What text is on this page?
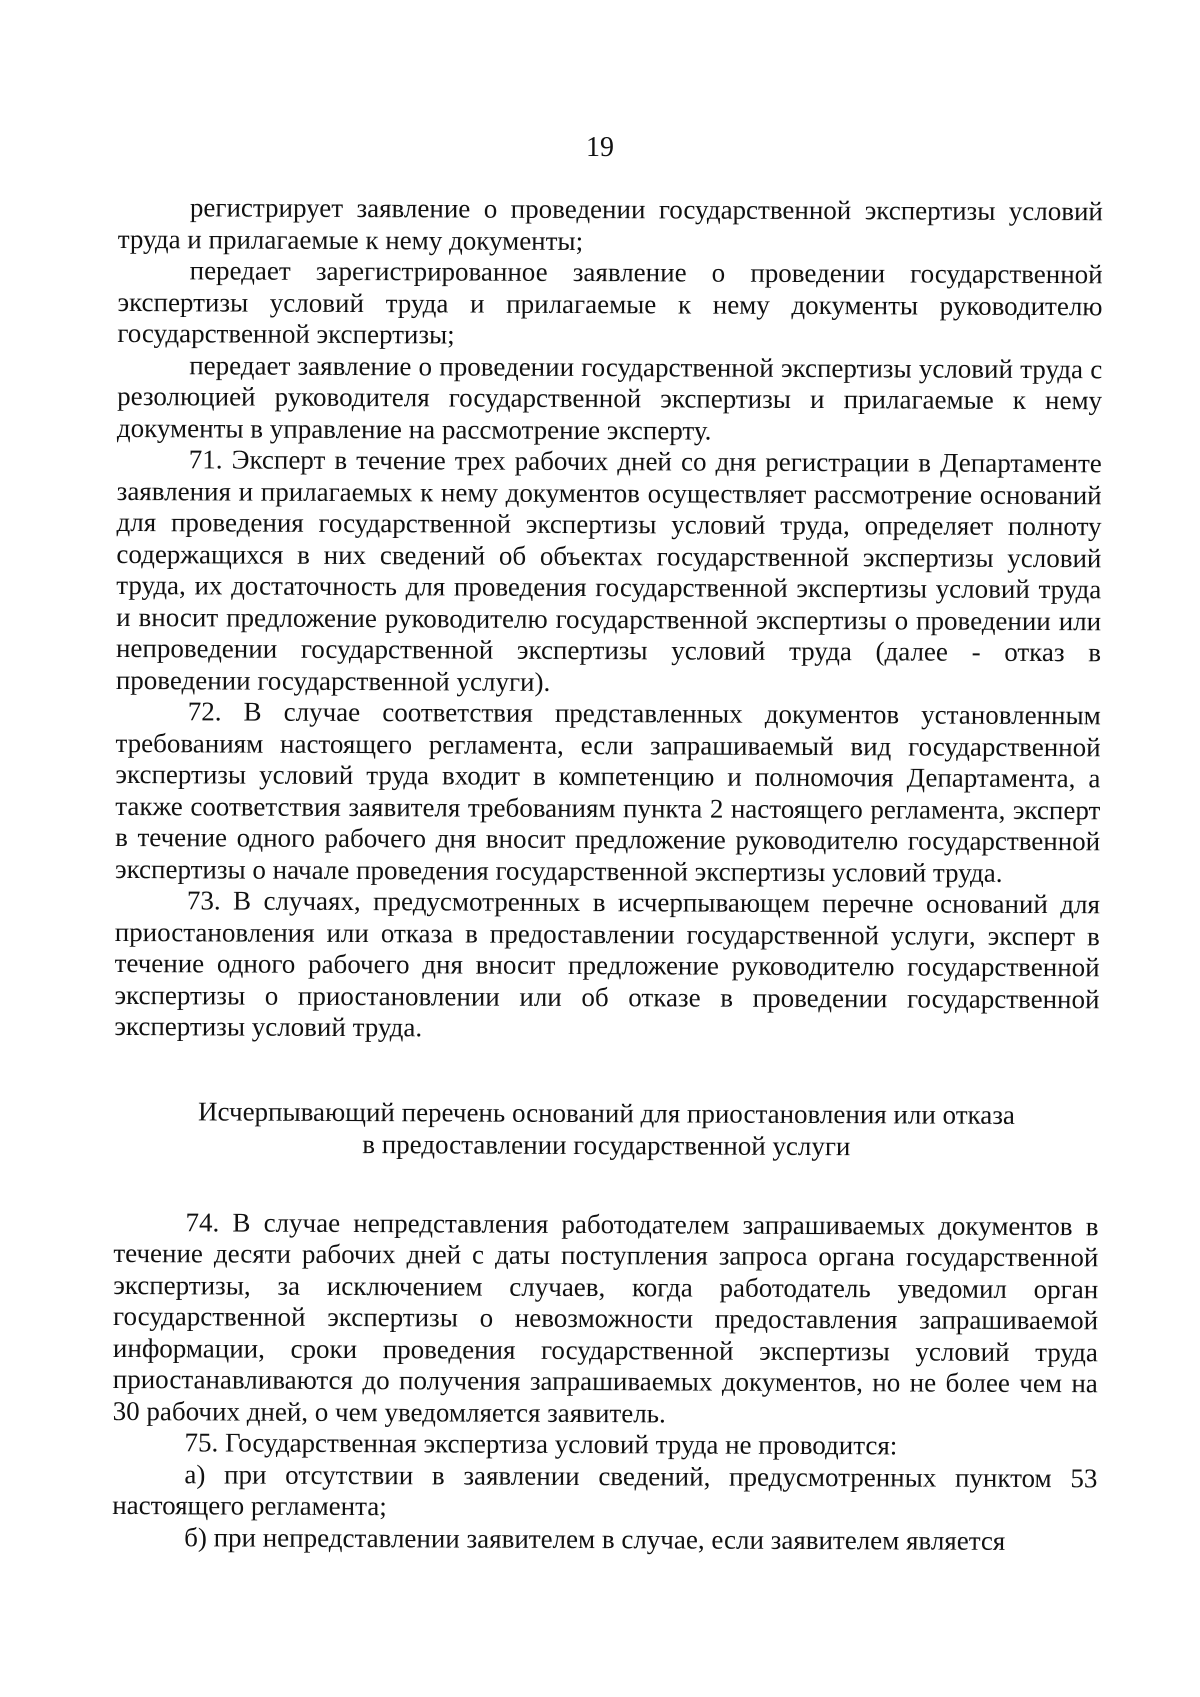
19

регистрирует заявление о проведении государственной экспертизы условий труда и прилагаемые к нему документы;

передает зарегистрированное заявление о проведении государственной экспертизы условий труда и прилагаемые к нему документы руководителю государственной экспертизы;

передает заявление о проведении государственной экспертизы условий труда с резолюцией руководителя государственной экспертизы и прилагаемые к нему документы в управление на рассмотрение эксперту.

71. Эксперт в течение трех рабочих дней со дня регистрации в Департаменте заявления и прилагаемых к нему документов осуществляет рассмотрение оснований для проведения государственной экспертизы условий труда, определяет полноту содержащихся в них сведений об объектах государственной экспертизы условий труда, их достаточность для проведения государственной экспертизы условий труда и вносит предложение руководителю государственной экспертизы о проведении или непроведении государственной экспертизы условий труда (далее - отказ в проведении государственной услуги).

72. В случае соответствия представленных документов установленным требованиям настоящего регламента, если запрашиваемый вид государственной экспертизы условий труда входит в компетенцию и полномочия Департамента, а также соответствия заявителя требованиям пункта 2 настоящего регламента, эксперт в течение одного рабочего дня вносит предложение руководителю государственной экспертизы о начале проведения государственной экспертизы условий труда.

73. В случаях, предусмотренных в исчерпывающем перечне оснований для приостановления или отказа в предоставлении государственной услуги, эксперт в течение одного рабочего дня вносит предложение руководителю государственной экспертизы о приостановлении или об отказе в проведении государственной экспертизы условий труда.

Исчерпывающий перечень оснований для приостановления или отказа
в предоставлении государственной услуги

74. В случае непредставления работодателем запрашиваемых документов в течение десяти рабочих дней с даты поступления запроса органа государственной экспертизы, за исключением случаев, когда работодатель уведомил орган государственной экспертизы о невозможности предоставления запрашиваемой информации, сроки проведения государственной экспертизы условий труда приостанавливаются до получения запрашиваемых документов, но не более чем на 30 рабочих дней, о чем уведомляется заявитель.

75. Государственная экспертиза условий труда не проводится:

а) при отсутствии в заявлении сведений, предусмотренных пунктом 53 настоящего регламента;

б) при непредставлении заявителем в случае, если заявителем является
